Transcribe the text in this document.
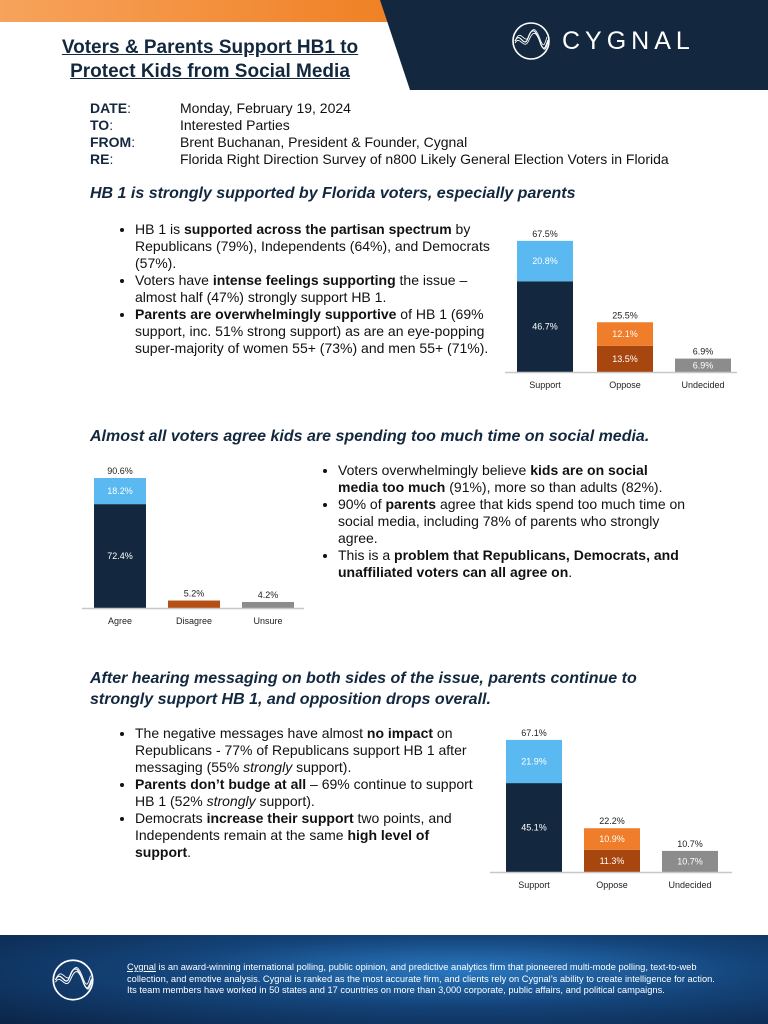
CYGNAL
Voters & Parents Support HB1 to
Protect Kids from Social Media
DATE:	Monday, February 19, 2024
TO:	Interested Parties
FROM:	Brent Buchanan, President & Founder, Cygnal
RE:	Florida Right Direction Survey of n800 Likely General Election Voters in Florida
HB 1 is strongly supported by Florida voters, especially parents
• HB 1 is supported across the partisan spectrum by Republicans (79%), Independents (64%), and Democrats (57%).
• Voters have intense feelings supporting the issue – almost half (47%) strongly support HB 1.
• Parents are overwhelmingly supportive of HB 1 (69% support, inc. 51% strong support) as are an eye-popping super-majority of women 55+ (73%) and men 55+ (71%).
46.7%
20.8%
67.5%
Support
13.5%
12.1%
25.5%
Oppose
6.9%
6.9%
Undecided
Almost all voters agree kids are spending too much time on social media.
72.4%
18.2%
90.6%
Agree
5.2%
Disagree
4.2%
Unsure
• Voters overwhelmingly believe kids are on social media too much (91%), more so than adults (82%).
• 90% of parents agree that kids spend too much time on social media, including 78% of parents who strongly agree.
• This is a problem that Republicans, Democrats, and unaffiliated voters can all agree on.
After hearing messaging on both sides of the issue, parents continue to
strongly support HB 1, and opposition drops overall.
• The negative messages have almost no impact on Republicans - 77% of Republicans support HB 1 after messaging (55% strongly support).
• Parents don’t budge at all – 69% continue to support HB 1 (52% strongly support).
• Democrats increase their support two points, and Independents remain at the same high level of support.
45.1%
21.9%
67.1%
Support
11.3%
10.9%
22.2%
Oppose
10.7%
10.7%
Undecided
Cygnal is an award-winning international polling, public opinion, and predictive analytics firm that pioneered multi-mode polling, text-to-web collection, and emotive analysis. Cygnal is ranked as the most accurate firm, and clients rely on Cygnal’s ability to create intelligence for action. Its team members have worked in 50 states and 17 countries on more than 3,000 corporate, public affairs, and political campaigns.
